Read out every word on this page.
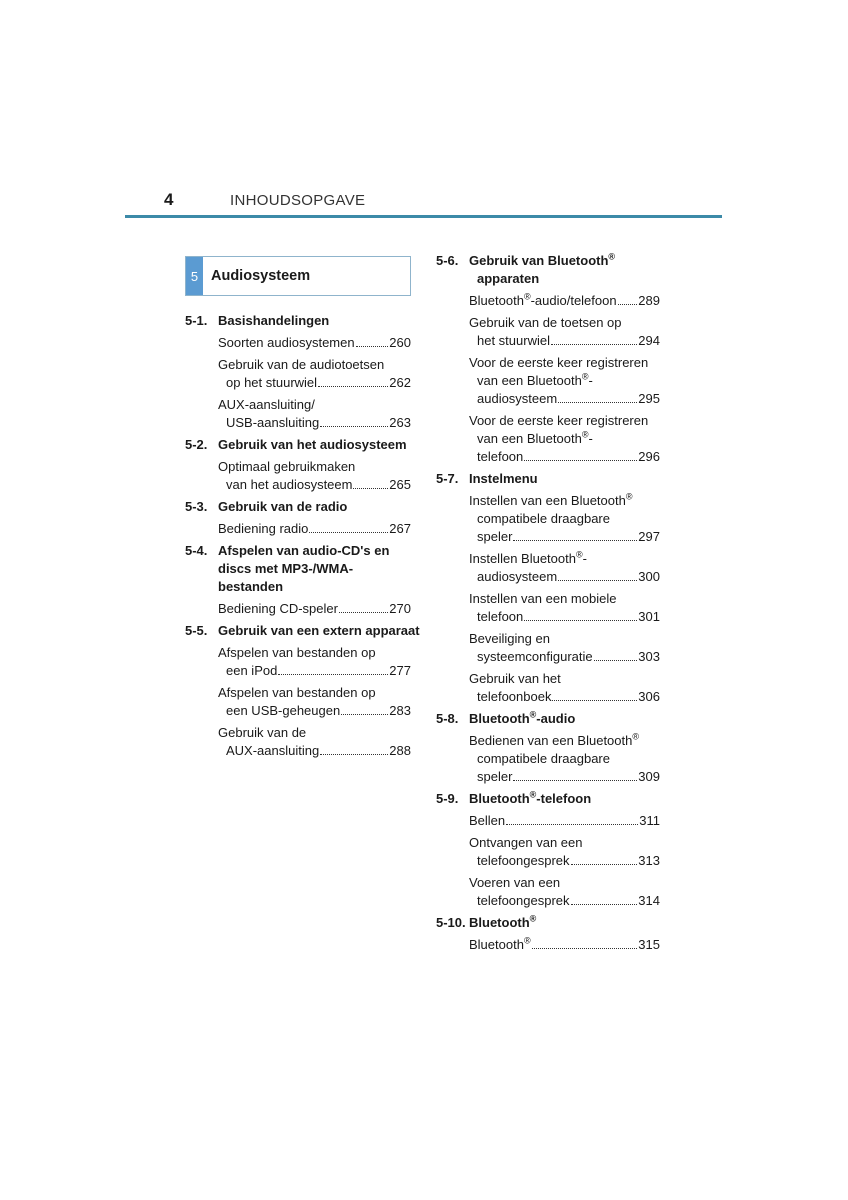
4	INHOUDSOPGAVE
5 Audiosysteem
5-1. Basishandelingen
Soorten audiosystemen	260
Gebruik van de audiotoetsen
op het stuurwiel	262
AUX-aansluiting/
USB-aansluiting	263
5-2. Gebruik van het audiosysteem
Optimaal gebruikmaken
van het audiosysteem	265
5-3. Gebruik van de radio
Bediening radio	267
5-4. Afspelen van audio-CD's en discs met MP3-/WMA-bestanden
Bediening CD-speler	270
5-5. Gebruik van een extern apparaat
Afspelen van bestanden op
een iPod	277
Afspelen van bestanden op
een USB-geheugen	283
Gebruik van de
AUX-aansluiting	288
5-6. Gebruik van Bluetooth®
apparaten
Bluetooth®-audio/telefoon 289
Gebruik van de toetsen op
het stuurwiel	294
Voor de eerste keer registreren
van een Bluetooth®-
audiosysteem	295
Voor de eerste keer registreren
van een Bluetooth®-
telefoon	296
5-7. Instelmenu
Instellen van een Bluetooth®
compatibele draagbare
speler	297
Instellen Bluetooth®-
audiosysteem	300
Instellen van een mobiele
telefoon	301
Beveiliging en
systeemconfiguratie	303
Gebruik van het
telefoonboek	306
5-8. Bluetooth®-audio
Bedienen van een Bluetooth®
compatibele draagbare
speler	309
5-9. Bluetooth®-telefoon
Bellen	311
Ontvangen van een
telefoongesprek	313
Voeren van een
telefoongesprek	314
5-10. Bluetooth®
Bluetooth®	315
